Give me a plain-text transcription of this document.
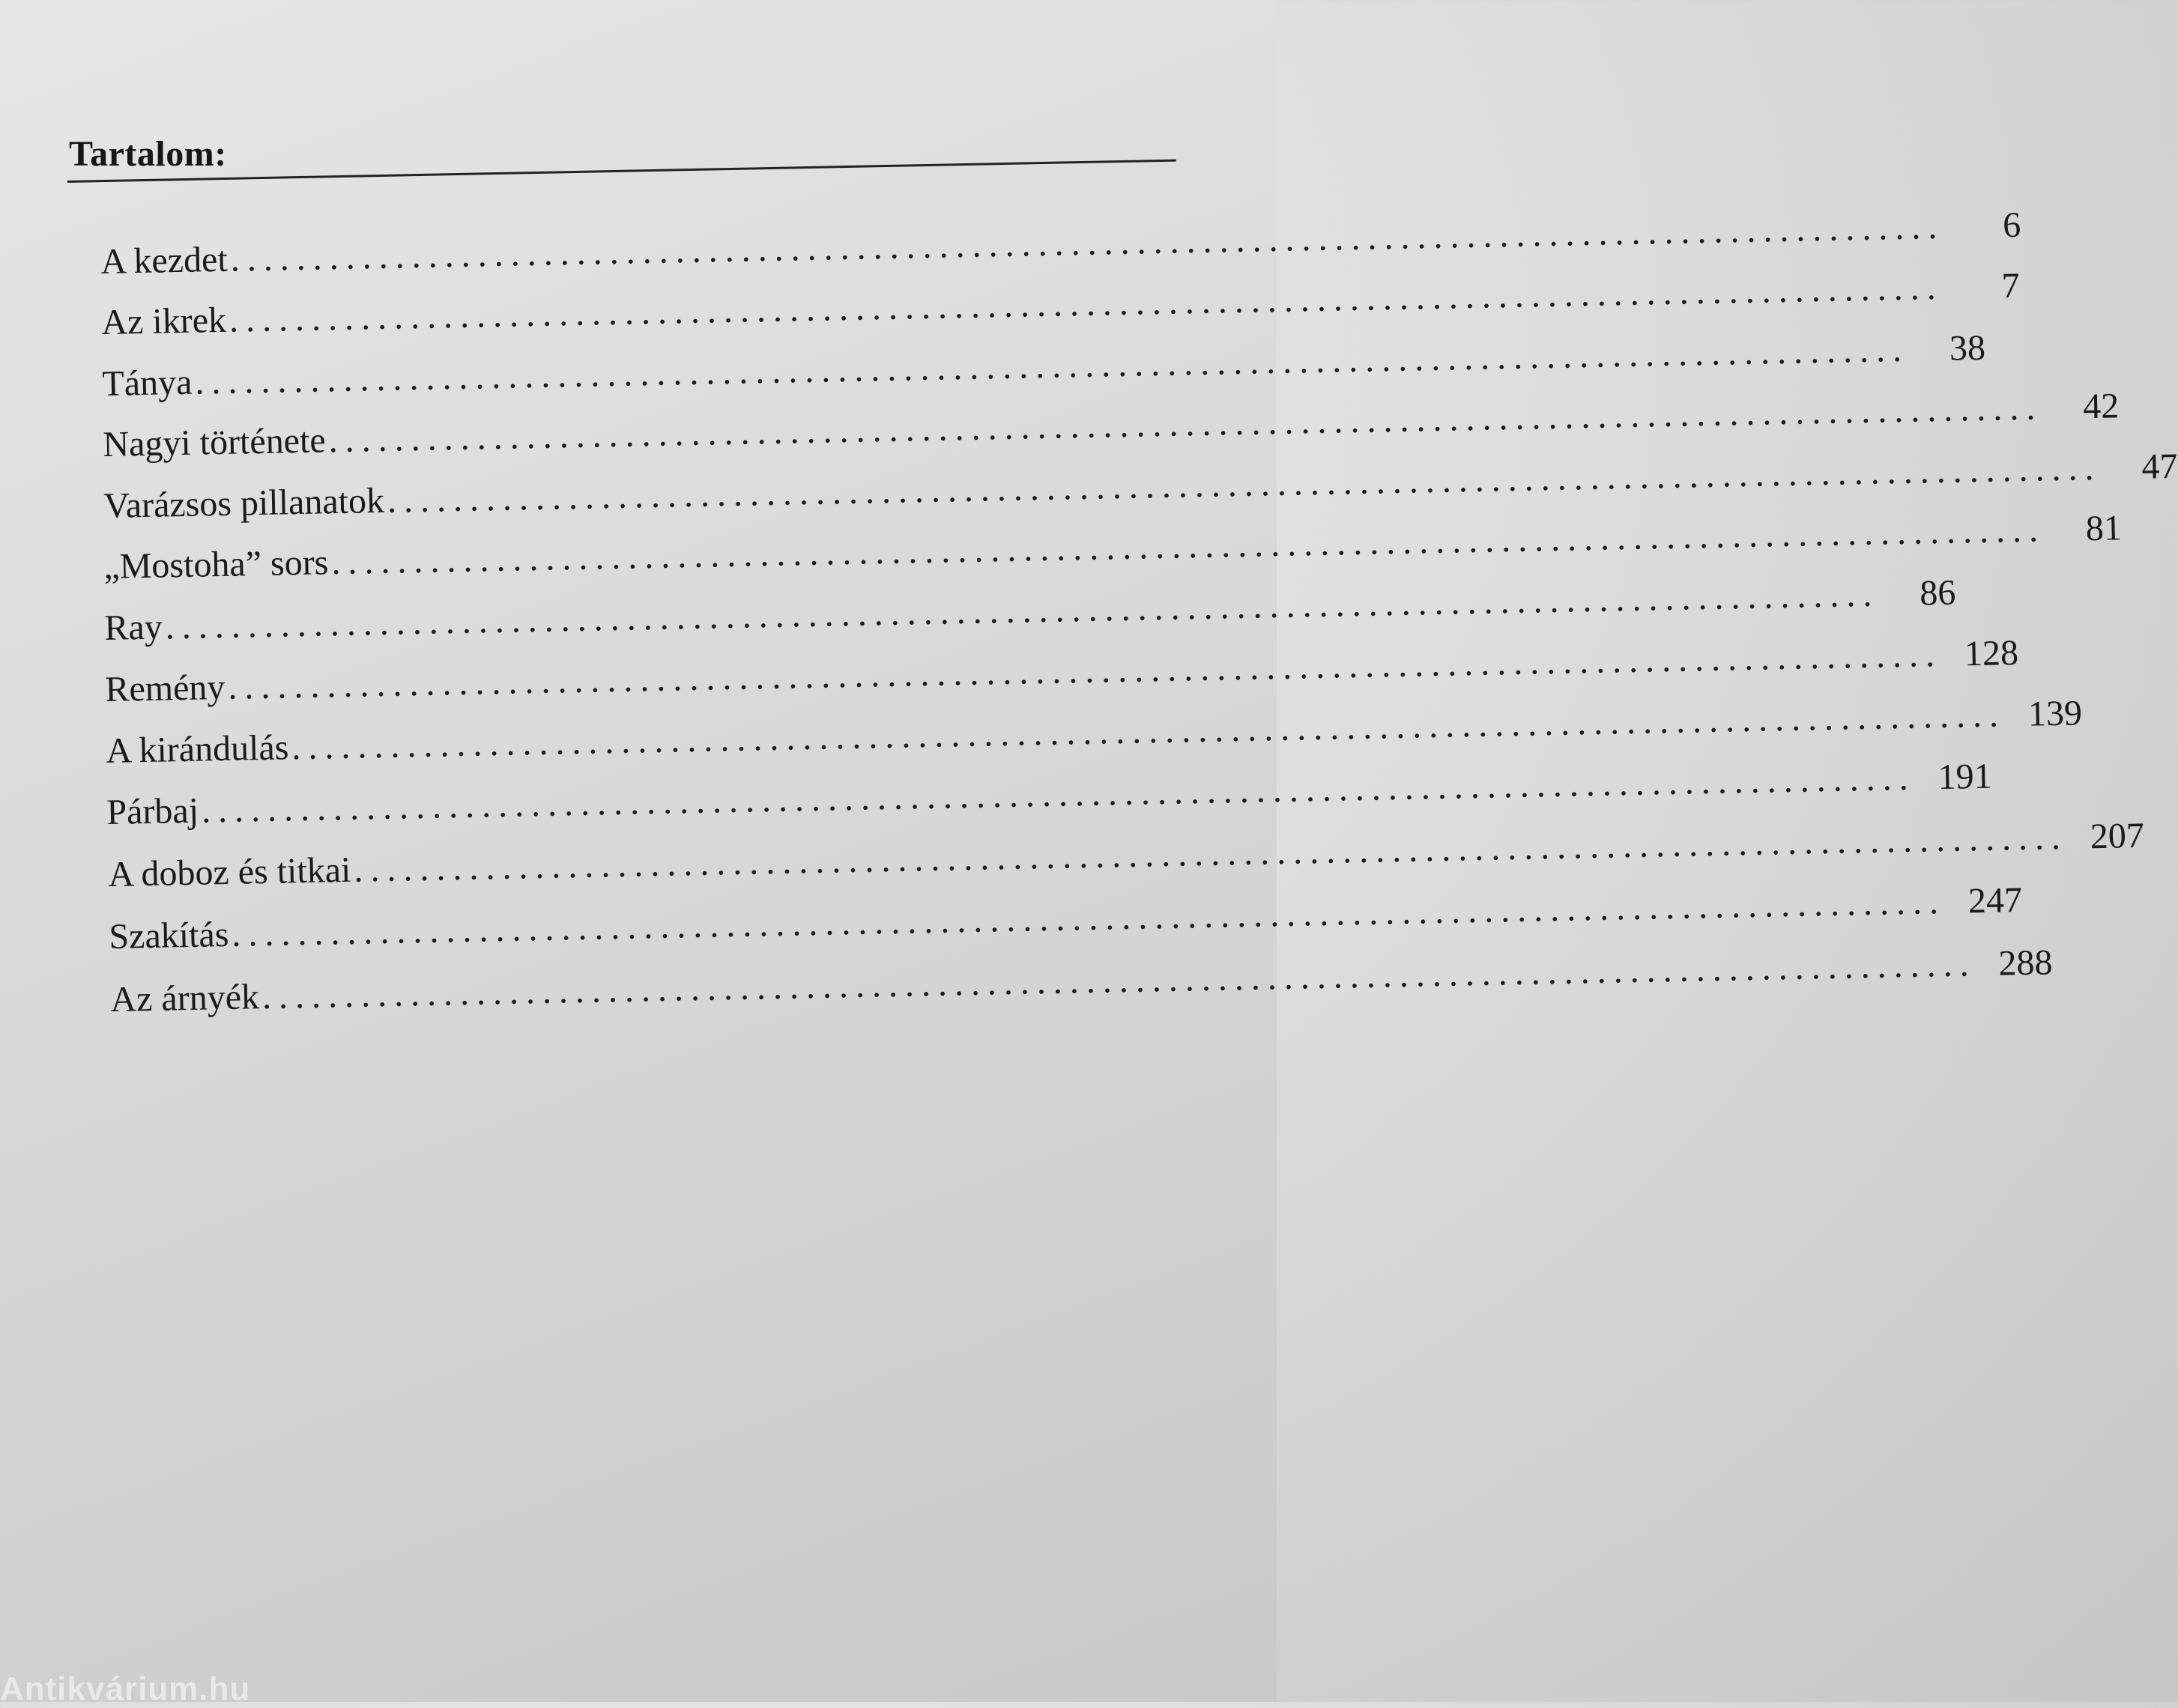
Tartalom:
A kezdet ........................................................................................................	6
Az ikrek ........................................................................................................	7
Tánya ........................................................................................................	38
Nagyi története ........................................................................................................	42
Varázsos pillanatok ........................................................................................................	47
„Mostoha” sors ........................................................................................................	81
Ray ........................................................................................................	86
Remény ........................................................................................................ 128
A kirándulás ........................................................................................................ 139
Párbaj ........................................................................................................ 191
A doboz és titkai ........................................................................................................ 207
Szakítás ........................................................................................................ 247
Az árnyék ........................................................................................................ 288
Antikvárium.hu
